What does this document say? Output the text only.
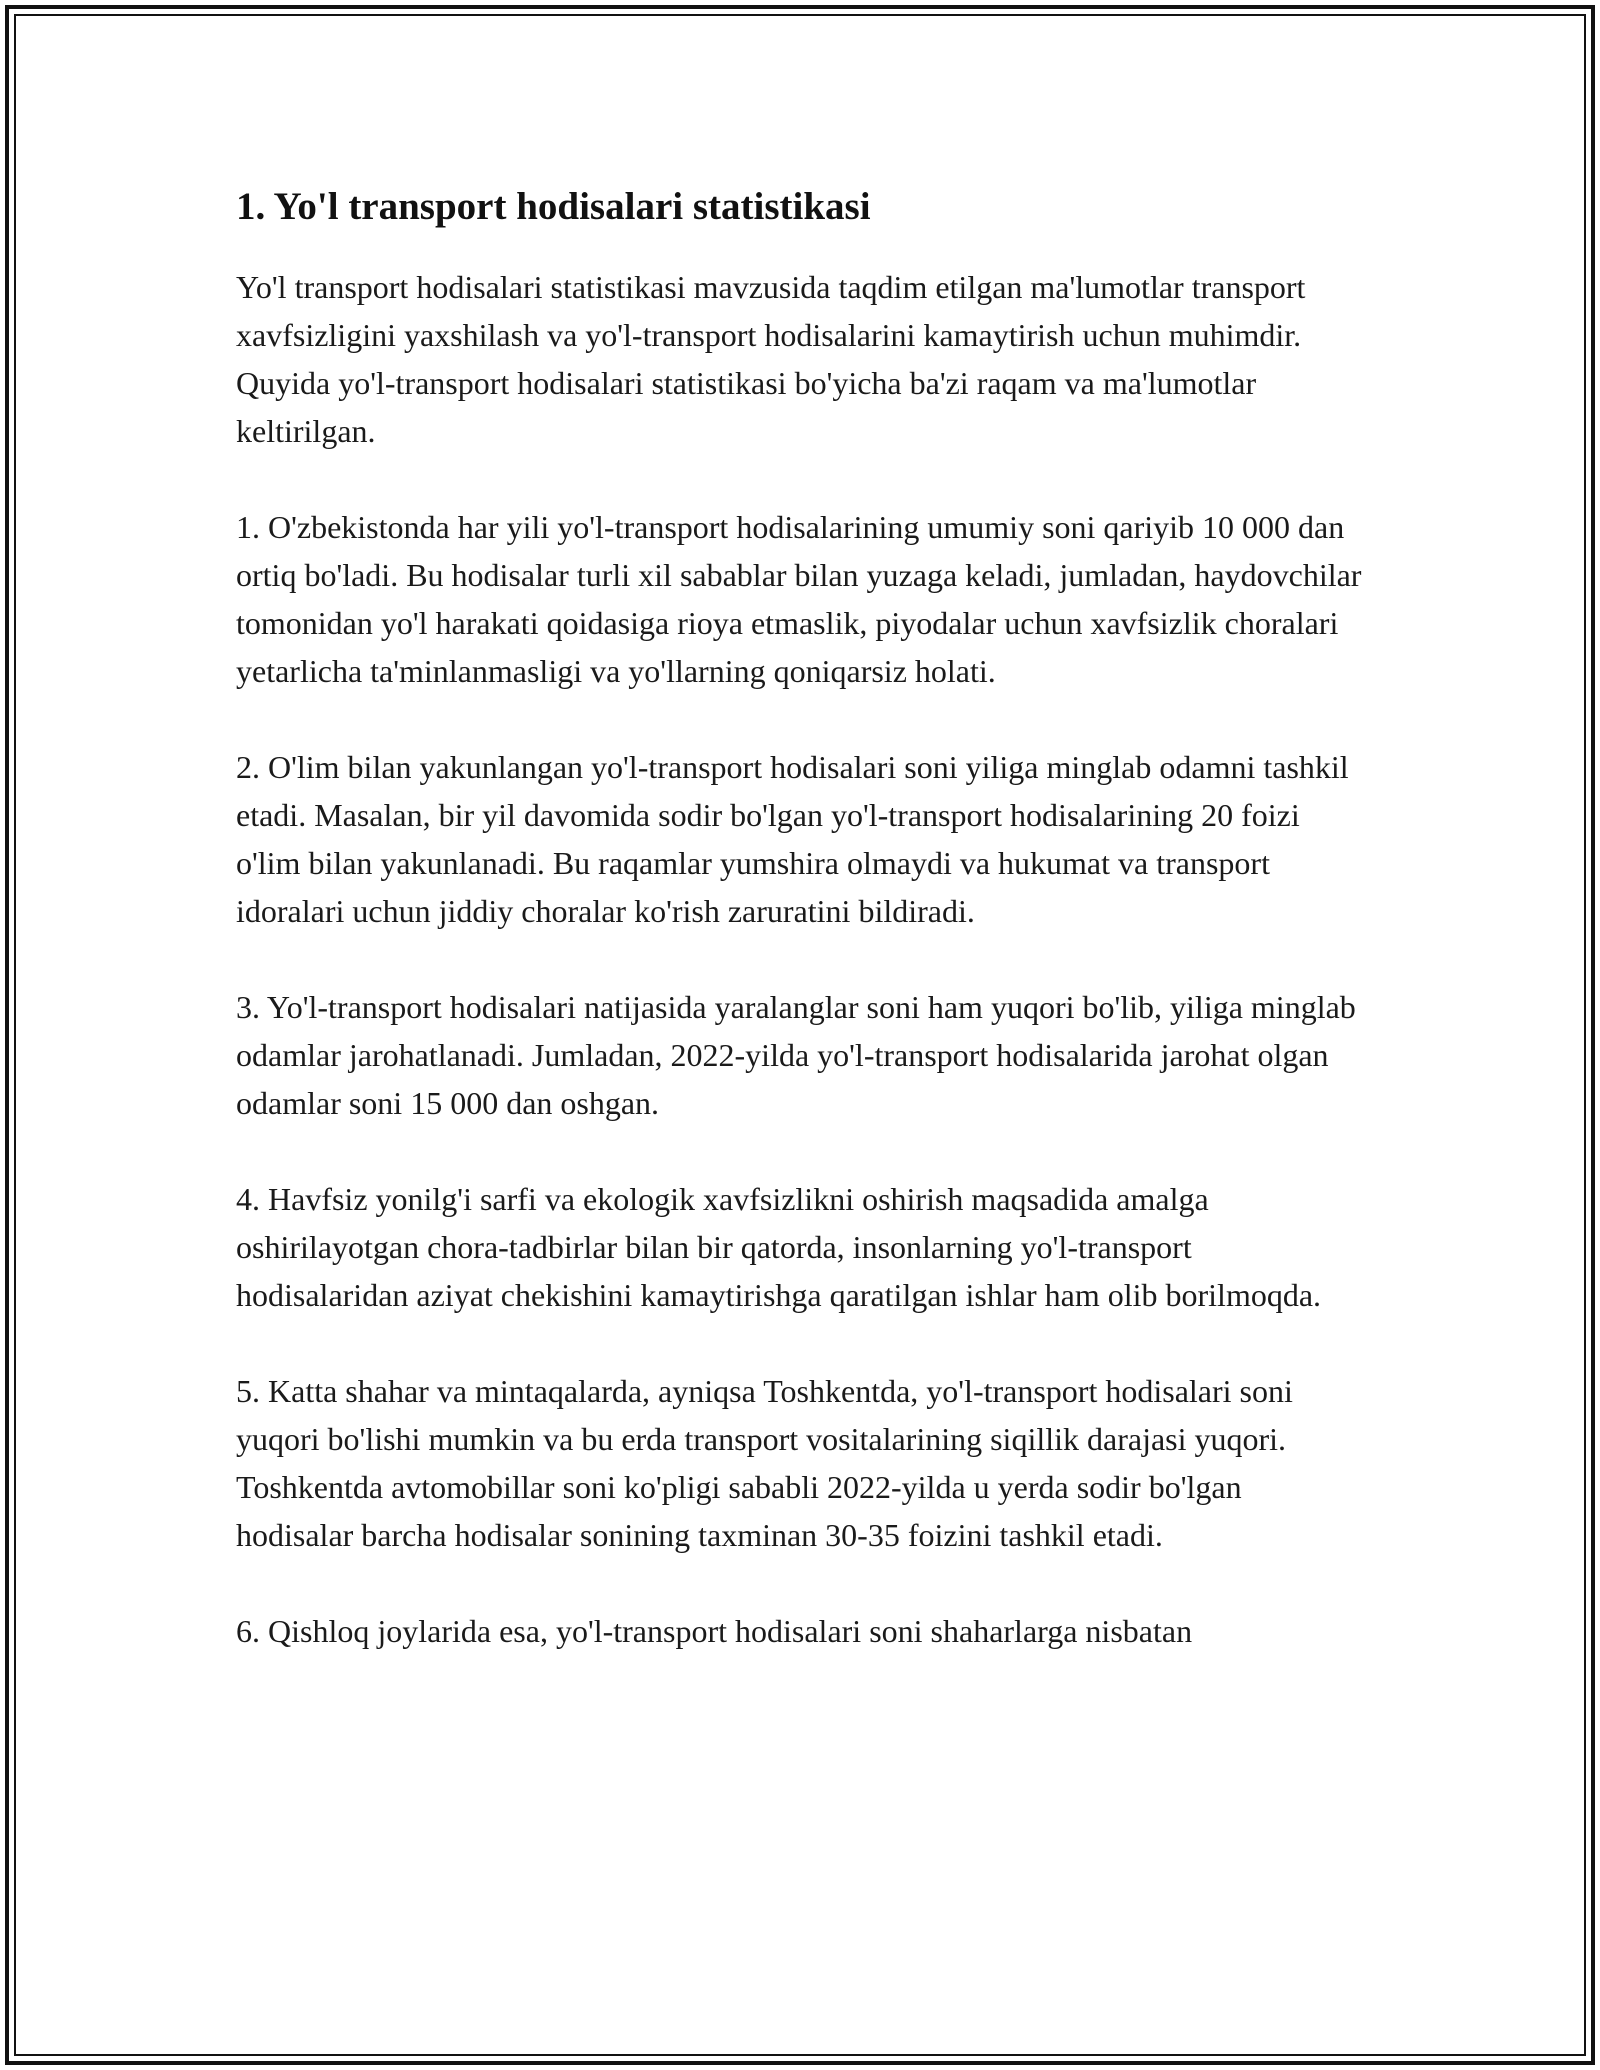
1. Yo'l transport hodisalari statistikasi

Yo'l transport hodisalari statistikasi mavzusida taqdim etilgan ma'lumotlar transport xavfsizligini yaxshilash va yo'l-transport hodisalarini kamaytirish uchun muhimdir. Quyida yo'l-transport hodisalari statistikasi bo'yicha ba'zi raqam va ma'lumotlar keltirilgan.

1. O'zbekistonda har yili yo'l-transport hodisalarining umumiy soni qariyib 10 000 dan ortiq bo'ladi. Bu hodisalar turli xil sabablar bilan yuzaga keladi, jumladan, haydovchilar tomonidan yo'l harakati qoidasiga rioya etmaslik, piyodalar uchun xavfsizlik choralari yetarlicha ta'minlanmasligi va yo'llarning qoniqarsiz holati.

2. O'lim bilan yakunlangan yo'l-transport hodisalari soni yiliga minglab odamni tashkil etadi. Masalan, bir yil davomida sodir bo'lgan yo'l-transport hodisalarining 20 foizi o'lim bilan yakunlanadi. Bu raqamlar yumshira olmaydi va hukumat va transport idoralari uchun jiddiy choralar ko'rish zaruratini bildiradi.

3. Yo'l-transport hodisalari natijasida yaralanglar soni ham yuqori bo'lib, yiliga minglab odamlar jarohatlanadi. Jumladan, 2022-yilda yo'l-transport hodisalarida jarohat olgan odamlar soni 15 000 dan oshgan.

4. Havfsiz yonilg'i sarfi va ekologik xavfsizlikni oshirish maqsadida amalga oshirilayotgan chora-tadbirlar bilan bir qatorda, insonlarning yo'l-transport hodisalaridan aziyat chekishini kamaytirishga qaratilgan ishlar ham olib borilmoqda.

5. Katta shahar va mintaqalarda, ayniqsa Toshkentda, yo'l-transport hodisalari soni yuqori bo'lishi mumkin va bu erda transport vositalarining siqillik darajasi yuqori. Toshkentda avtomobillar soni ko'pligi sababli 2022-yilda u yerda sodir bo'lgan hodisalar barcha hodisalar sonining taxminan 30-35 foizini tashkil etadi.

6. Qishloq joylarida esa, yo'l-transport hodisalari soni shaharlarga nisbatan
